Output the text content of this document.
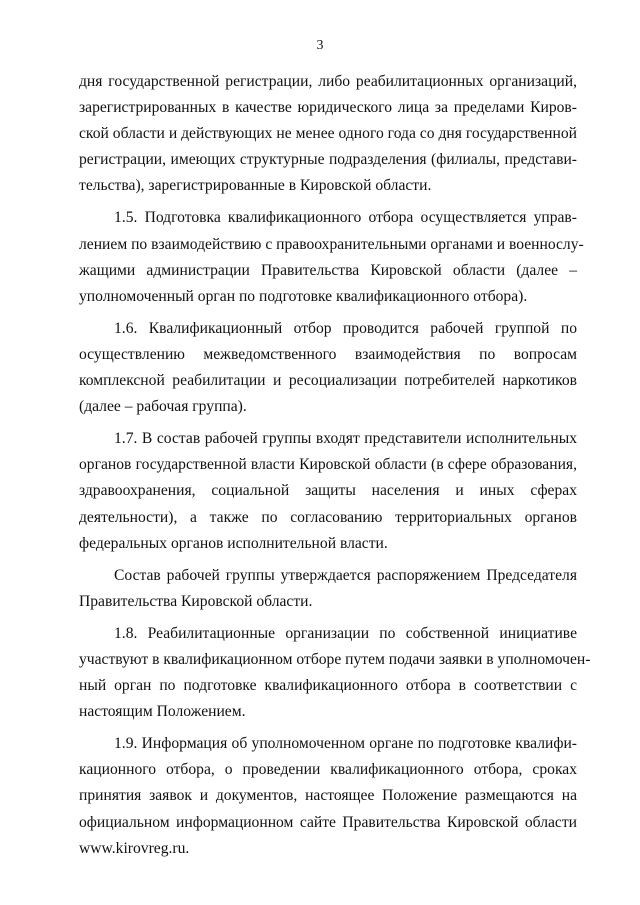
3
дня государственной регистрации, либо реабилитационных организаций,
зарегистрированных в качестве юридического лица за пределами Киров-
ской области и действующих не менее одного года со дня государственной
регистрации, имеющих структурные подразделения (филиалы, представи-
тельства), зарегистрированные в Кировской области.
1.5. Подготовка квалификационного отбора осуществляется управ-
лением по взаимодействию с правоохранительными органами и военнослу-
жащими администрации Правительства Кировской области (далее –
уполномоченный орган по подготовке квалификационного отбора).
1.6. Квалификационный отбор проводится рабочей группой по
осуществлению межведомственного взаимодействия по вопросам
комплексной реабилитации и ресоциализации потребителей наркотиков
(далее – рабочая группа).
1.7. В состав рабочей группы входят представители исполнительных
органов государственной власти Кировской области (в сфере образования,
здравоохранения, социальной защиты населения и иных сферах
деятельности), а также по согласованию территориальных органов
федеральных органов исполнительной власти.
Состав рабочей группы утверждается распоряжением Председателя
Правительства Кировской области.
1.8. Реабилитационные организации по собственной инициативе
участвуют в квалификационном отборе путем подачи заявки в уполномочен-
ный орган по подготовке квалификационного отбора в соответствии с
настоящим Положением.
1.9. Информация об уполномоченном органе по подготовке квалифи-
кационного отбора, о проведении квалификационного отбора, сроках
принятия заявок и документов, настоящее Положение размещаются на
официальном информационном сайте Правительства Кировской области
www.kirovreg.ru.
